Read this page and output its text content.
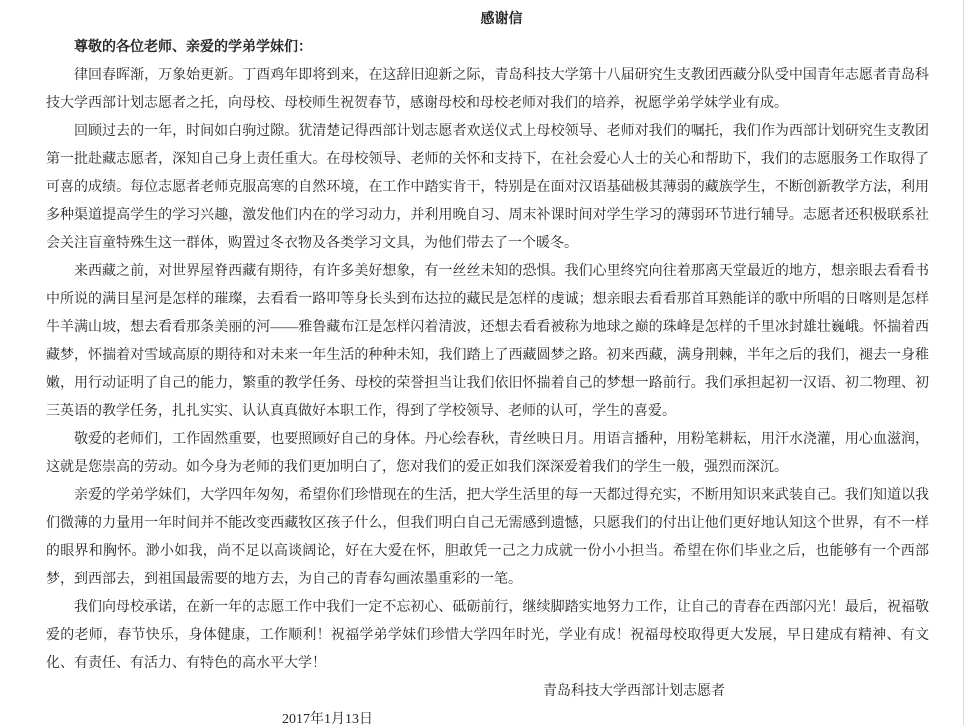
感谢信

尊敬的各位老师、亲爱的学弟学妹们：

律回春晖渐，万象始更新。丁酉鸡年即将到来，在这辞旧迎新之际，青岛科技大学第十八届研究生支教团西藏分队受中国青年志愿者青岛科技大学西部计划志愿者之托，向母校、母校师生祝贺春节，感谢母校和母校老师对我们的培养，祝愿学弟学妹学业有成。

回顾过去的一年，时间如白驹过隙。犹清楚记得西部计划志愿者欢送仪式上母校领导、老师对我们的嘱托，我们作为西部计划研究生支教团第一批赴藏志愿者，深知自己身上责任重大。在母校领导、老师的关怀和支持下，在社会爱心人士的关心和帮助下，我们的志愿服务工作取得了可喜的成绩。每位志愿者老师克服高寒的自然环境，在工作中踏实肯干，特别是在面对汉语基础极其薄弱的藏族学生，不断创新教学方法，利用多种渠道提高学生的学习兴趣，激发他们内在的学习动力，并利用晚自习、周末补课时间对学生学习的薄弱环节进行辅导。志愿者还积极联系社会关注盲童特殊生这一群体，购置过冬衣物及各类学习文具，为他们带去了一个暖冬。

来西藏之前，对世界屋脊西藏有期待，有许多美好想象，有一丝丝未知的恐惧。我们心里终究向往着那离天堂最近的地方，想亲眼去看看书中所说的满目星河是怎样的璀璨，去看看一路叩等身长头到布达拉的藏民是怎样的虔诚；想亲眼去看看那首耳熟能详的歌中所唱的日喀则是怎样牛羊满山坡，想去看看那条美丽的河——雅鲁藏布江是怎样闪着清波，还想去看看被称为地球之巅的珠峰是怎样的千里冰封雄壮巍峨。怀揣着西藏梦，怀揣着对雪域高原的期待和对未来一年生活的种种未知，我们踏上了西藏圆梦之路。初来西藏，满身荆棘，半年之后的我们，褪去一身稚嫩，用行动证明了自己的能力，繁重的教学任务、母校的荣誉担当让我们依旧怀揣着自己的梦想一路前行。我们承担起初一汉语、初二物理、初三英语的教学任务，扎扎实实、认认真真做好本职工作，得到了学校领导、老师的认可，学生的喜爱。

敬爱的老师们，工作固然重要，也要照顾好自己的身体。丹心绘春秋，青丝映日月。用语言播种，用粉笔耕耘，用汗水浇灌，用心血滋润，这就是您崇高的劳动。如今身为老师的我们更加明白了，您对我们的爱正如我们深深爱着我们的学生一般，强烈而深沉。

亲爱的学弟学妹们，大学四年匆匆，希望你们珍惜现在的生活，把大学生活里的每一天都过得充实，不断用知识来武装自己。我们知道以我们微薄的力量用一年时间并不能改变西藏牧区孩子什么，但我们明白自己无需感到遗憾，只愿我们的付出让他们更好地认知这个世界，有不一样的眼界和胸怀。渺小如我，尚不足以高谈阔论，好在大爱在怀，胆敢凭一己之力成就一份小小担当。希望在你们毕业之后，也能够有一个西部梦，到西部去，到祖国最需要的地方去，为自己的青春勾画浓墨重彩的一笔。

我们向母校承诺，在新一年的志愿工作中我们一定不忘初心、砥砺前行，继续脚踏实地努力工作，让自己的青春在西部闪光！最后，祝福敬爱的老师，春节快乐，身体健康，工作顺利！祝福学弟学妹们珍惜大学四年时光，学业有成！祝福母校取得更大发展，早日建成有精神、有文化、有责任、有活力、有特色的高水平大学！

青岛科技大学西部计划志愿者

2017年1月13日
